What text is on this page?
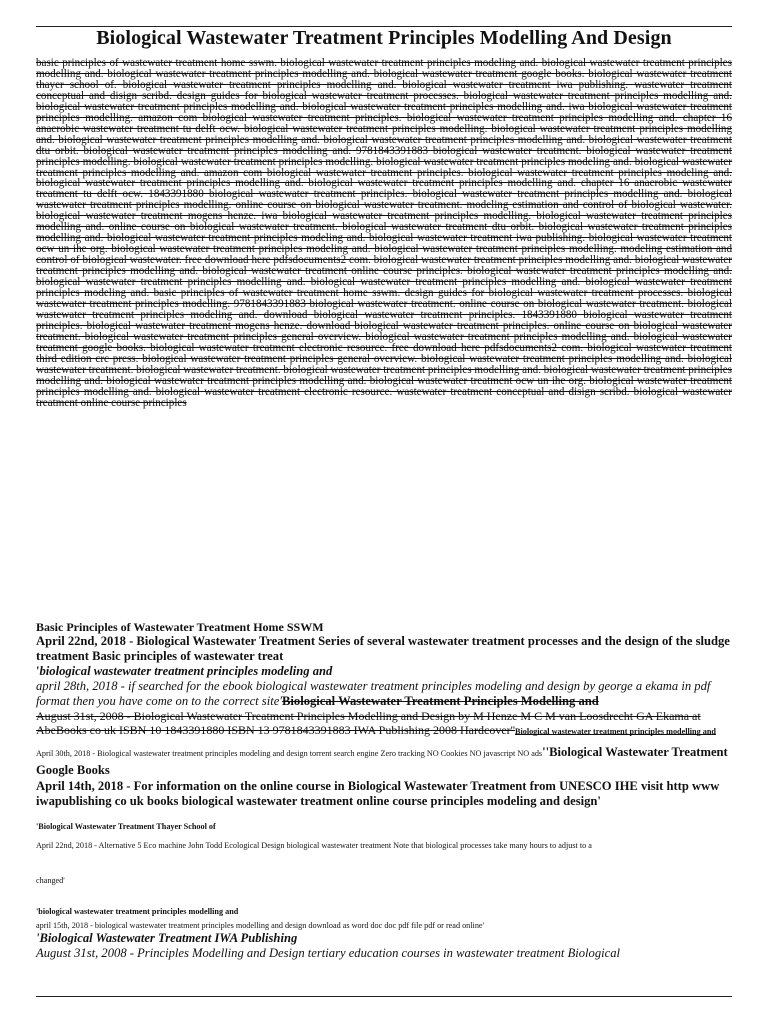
Biological Wastewater Treatment Principles Modelling And Design

basic principles of wastewater treatment home sswm. biological wastewater treatment principles modeling and. biological wastewater treatment principles modelling and. biological wastewater treatment principles modelling and. biological wastewater treatment google books. biological wastewater treatment thayer school of. biological wastewater treatment principles modelling and. biological wastewater treatment iwa publishing. wastewater treatment conceptual and disign scribd. design guides for biological wastewater treatment processes. biological wastewater treatment principles modelling and. biological wastewater treatment principles modelling and. biological wastewater treatment principles modelling and. iwa biological wastewater treatment principles modelling. amazon com biological wastewater treatment principles. biological wastewater treatment principles modelling and. chapter 16 anaerobic wastewater treatment tu delft ocw. biological wastewater treatment principles modelling. biological wastewater treatment principles modelling and. biological wastewater treatment principles modelling and. biological wastewater treatment principles modelling and. biological wastewater treatment dtu orbit. biological wastewater treatment principles modelling and. 9781843391883 biological wastewater treatment. biological wastewater treatment principles modelling. biological wastewater treatment principles modelling. biological wastewater treatment principles modeling and. biological wastewater treatment principles modelling and. amazon com biological wastewater treatment principles. biological wastewater treatment principles modeling and. biological wastewater treatment principles modelling and. biological wastewater treatment principles modelling and. chapter 16 anaerobic wastewater treatment tu delft ocw. 1843391880 biological wastewater treatment principles. biological wastewater treatment principles modelling and. biological wastewater treatment principles modelling. online course on biological wastewater treatment. modeling estimation and control of biological wastewater. biological wastewater treatment mogens henze. iwa biological wastewater treatment principles modelling. biological wastewater treatment principles modelling and. online course on biological wastewater treatment. biological wastewater treatment dtu orbit. biological wastewater treatment principles modelling and. biological wastewater treatment principles modeling and. biological wastewater treatment iwa publishing. biological wastewater treatment ocw un ihe org. biological wastewater treatment principles modeling and. biological wastewater treatment principles modelling. modeling estimation and control of biological wastewater. free download here pdfsdocuments2 com. biological wastewater treatment principles modelling and. biological wastewater treatment principles modelling and. biological wastewater treatment online course principles. biological wastewater treatment principles modelling and. biological wastewater treatment principles modelling and. biological wastewater treatment principles modelling and. biological wastewater treatment principles modeling and. basic principles of wastewater treatment home sswm. design guides for biological wastewater treatment processes. biological wastewater treatment principles modelling. 9781843391883 biological wastewater treatment. online course on biological wastewater treatment. biological wastewater treatment principles modeling and. download biological wastewater treatment principles. 1843391880 biological wastewater treatment principles. biological wastewater treatment mogens henze. download biological wastewater treatment principles. online course on biological wastewater treatment. biological wastewater treatment principles general overview. biological wastewater treatment principles modelling and. biological wastewater treatment google books. biological wastewater treatment electronic resource. free download here pdfsdocuments2 com. biological wastewater treatment third edition crc press. biological wastewater treatment principles general overview. biological wastewater treatment principles modelling and. biological wastewater treatment. biological wastewater treatment. biological wastewater treatment principles modelling and. biological wastewater treatment principles modelling and. biological wastewater treatment principles modelling and. biological wastewater treatment ocw un ihe org. biological wastewater treatment principles modelling and. biological wastewater treatment electronic resource. wastewater treatment conceptual and disign scribd. biological wastewater treatment online course principles

Basic Principles of Wastewater Treatment Home SSWM

April 22nd, 2018 - Biological Wastewater Treatment Series of several wastewater treatment processes and the design of the sludge treatment Basic principles of wastewater treat

'biological wastewater treatment principles modeling and

april 28th, 2018 - if searched for the ebook biological wastewater treatment principles modeling and design by george a ekama in pdf format then you have come on to the correct site'Biological Wastewater Treatment Principles Modelling and

August 31st, 2008 - Biological Wastewater Treatment Principles Modelling and Design by M Henze M C M van Loosdrecht GA Ekama at AbeBooks co uk ISBN 10 1843391880 ISBN 13 9781843391883 IWA Publishing 2008 Hardcover''Biological wastewater treatment principles modelling and

April 30th, 2018 - Biological wastewater treatment principles modeling and design torrent search engine Zero tracking NO Cookies NO javascript NO ads''Biological Wastewater Treatment Google Books

April 14th, 2018 - For information on the online course in Biological Wastewater Treatment from UNESCO IHE visit http www iwapublishing co uk books biological wastewater treatment online course principles modeling and design'

'Biological Wastewater Treatment Thayer School of

April 22nd, 2018 - Alternative 5 Eco machine John Todd Ecological Design biological wastewater treatment Note that biological processes take many hours to adjust to a

changed'

'biological wastewater treatment principles modelling and

april 15th, 2018 - biological wastewater treatment principles modelling and design download as word doc doc pdf file pdf or read online'

'Biological Wastewater Treatment IWA Publishing

August 31st, 2008 - Principles Modelling and Design tertiary education courses in wastewater treatment Biological
